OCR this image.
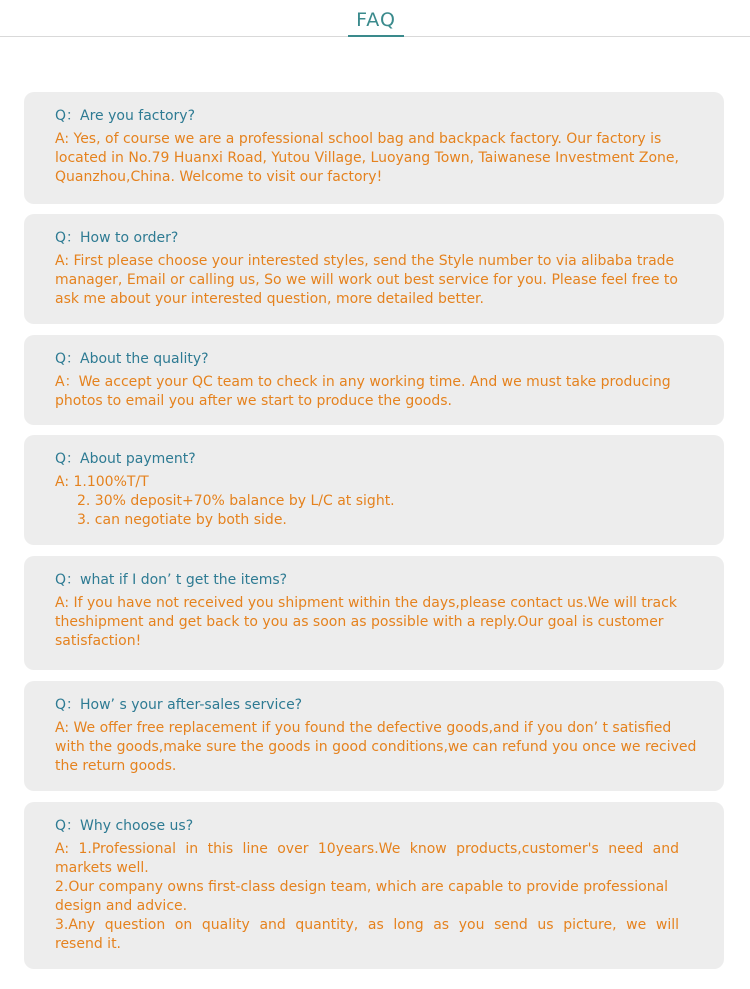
FAQ

Q：Are you factory?

A: Yes, of course we are a professional school bag and backpack factory. Our factory is
located in No.79 Huanxi Road, Yutou Village, Luoyang Town, Taiwanese Investment Zone,
Quanzhou,China. Welcome to visit our factory!

Q：How to order?

A: First please choose your interested styles, send the Style number to via alibaba trade
manager, Email or calling us, So we will work out best service for you. Please feel free to
ask me about your interested question, more detailed better.

Q：About the quality?

A：We accept your QC team to check in any working time. And we must take producing
photos to email you after we start to produce the goods.

Q：About payment?

A: 1.100%T/T
2. 30% deposit+70% balance by L/C at sight.
3. can negotiate by both side.

Q：what if I don’ t get the items?

A: If you have not received you shipment within the days,please contact us.We will track
theshipment and get back to you as soon as possible with a reply.Our goal is customer
satisfaction!

Q：How’ s your after-sales service?

A: We offer free replacement if you found the defective goods,and if you don’ t satisfied
with the goods,make sure the goods in good conditions,we can refund you once we recived
the return goods.

Q：Why choose us?

A: 1.Professional in this line over 10years.We know products,customer's need and
markets well.
2.Our company owns first-class design team, which are capable to provide professional
design and advice.
3.Any question on quality and quantity, as long as you send us picture, we will
resend it.
